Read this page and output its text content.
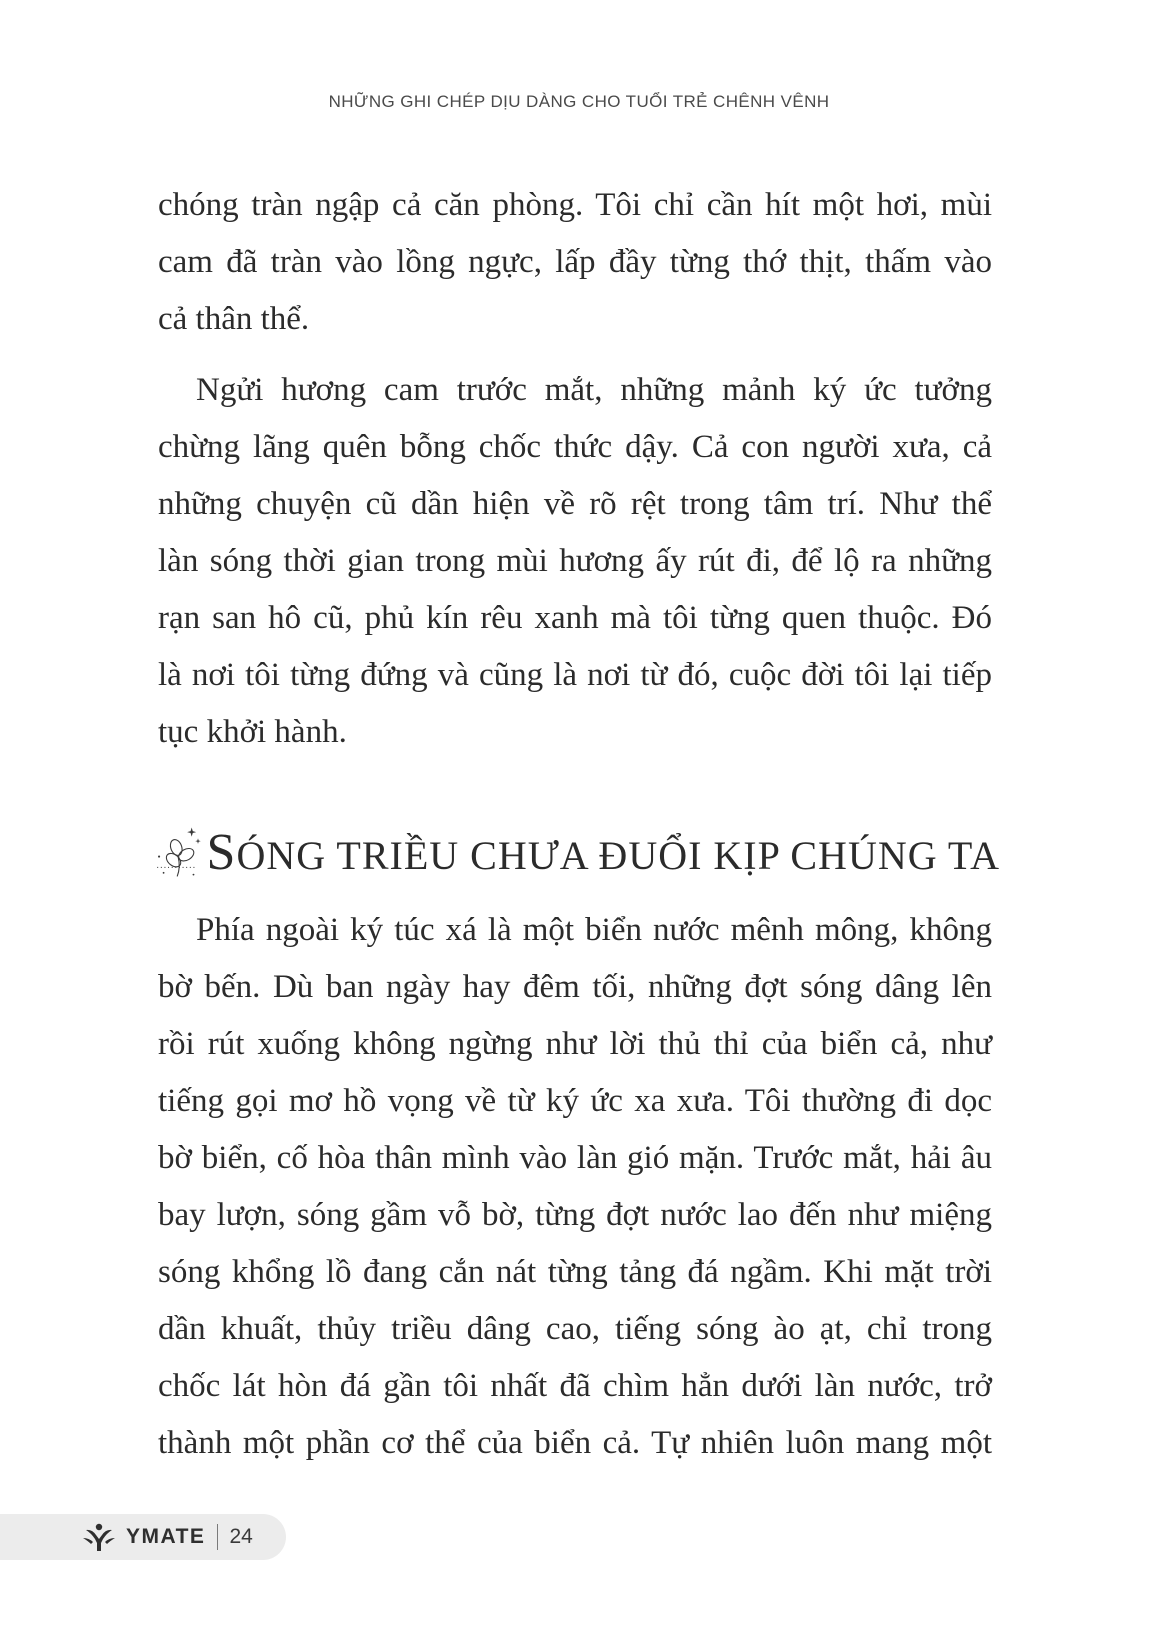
NHỮNG GHI CHÉP DỊU DÀNG CHO TUỔI TRẺ CHÊNH VÊNH

chóng tràn ngập cả căn phòng. Tôi chỉ cần hít một hơi, mùi
cam đã tràn vào lồng ngực, lấp đầy từng thớ thịt, thấm vào
cả thân thể.

Ngửi hương cam trước mắt, những mảnh ký ức tưởng
chừng lãng quên bỗng chốc thức dậy. Cả con người xưa, cả
những chuyện cũ dần hiện về rõ rệt trong tâm trí. Như thể
làn sóng thời gian trong mùi hương ấy rút đi, để lộ ra những
rạn san hô cũ, phủ kín rêu xanh mà tôi từng quen thuộc. Đó
là nơi tôi từng đứng và cũng là nơi từ đó, cuộc đời tôi lại tiếp
tục khởi hành.

SÓNG TRIỀU CHƯA ĐUỔI KỊP CHÚNG TA

Phía ngoài ký túc xá là một biển nước mênh mông, không
bờ bến. Dù ban ngày hay đêm tối, những đợt sóng dâng lên
rồi rút xuống không ngừng như lời thủ thỉ của biển cả, như
tiếng gọi mơ hồ vọng về từ ký ức xa xưa. Tôi thường đi dọc
bờ biển, cố hòa thân mình vào làn gió mặn. Trước mắt, hải âu
bay lượn, sóng gầm vỗ bờ, từng đợt nước lao đến như miệng
sóng khổng lồ đang cắn nát từng tảng đá ngầm. Khi mặt trời
dần khuất, thủy triều dâng cao, tiếng sóng ào ạt, chỉ trong
chốc lát hòn đá gần tôi nhất đã chìm hẳn dưới làn nước, trở
thành một phần cơ thể của biển cả. Tự nhiên luôn mang một

YMATE 24
